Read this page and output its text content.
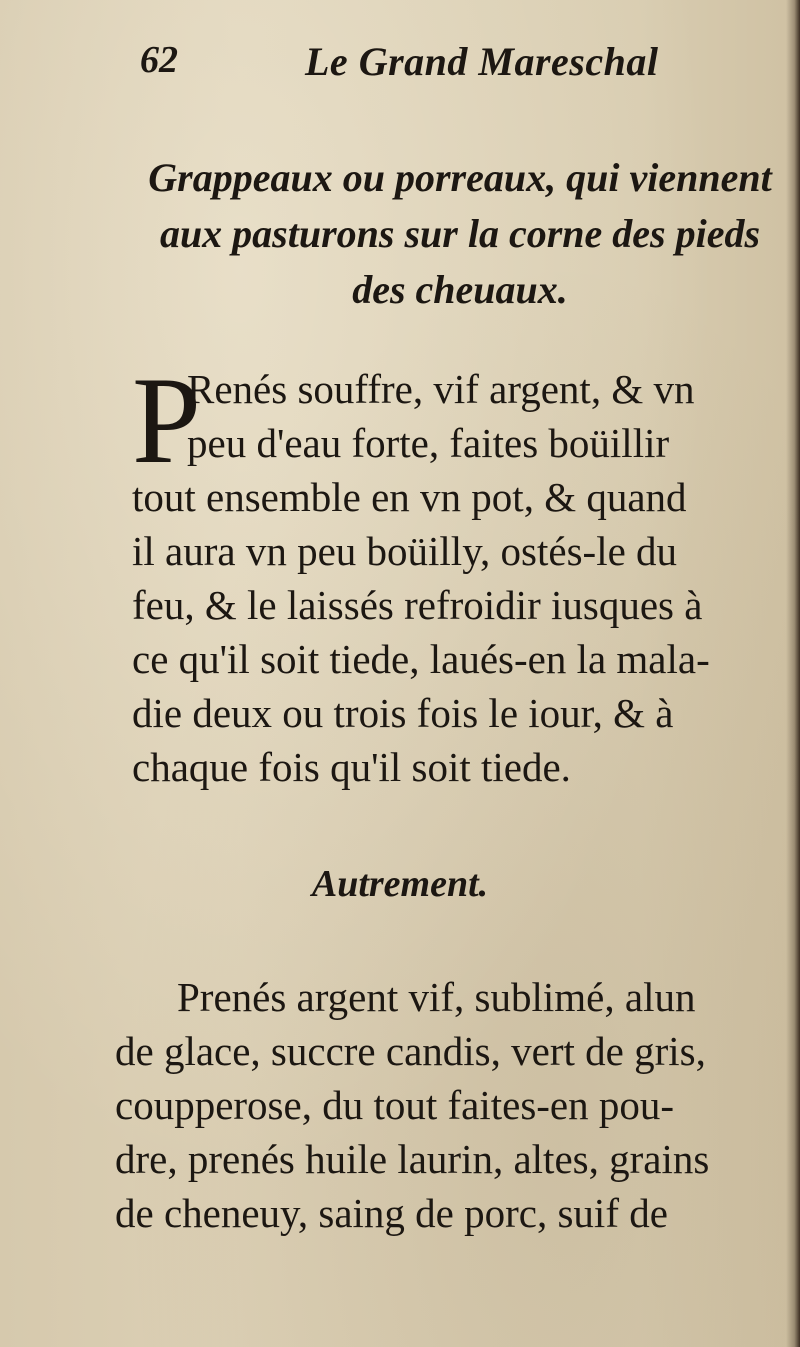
62	Le Grand Mareschal
Grappeaux ou porreaux, qui viennent
aux pasturons sur la corne des pieds
des cheuaux.
P
Renés souffre, vif argent, & vn
peu d'eau forte, faites boüillir
tout ensemble en vn pot, & quand
il aura vn peu boüilly, ostés-le du
feu, & le laissés refroidir iusques à
ce qu'il soit tiede, laués-en la mala-
die deux ou trois fois le iour, & à
chaque fois qu'il soit tiede.
Autrement.
Prenés argent vif, sublimé, alun
de glace, succre candis, vert de gris,
coupperose, du tout faites-en pou-
dre, prenés huile laurin, altes, grains
de cheneuy, saing de porc, suif de
